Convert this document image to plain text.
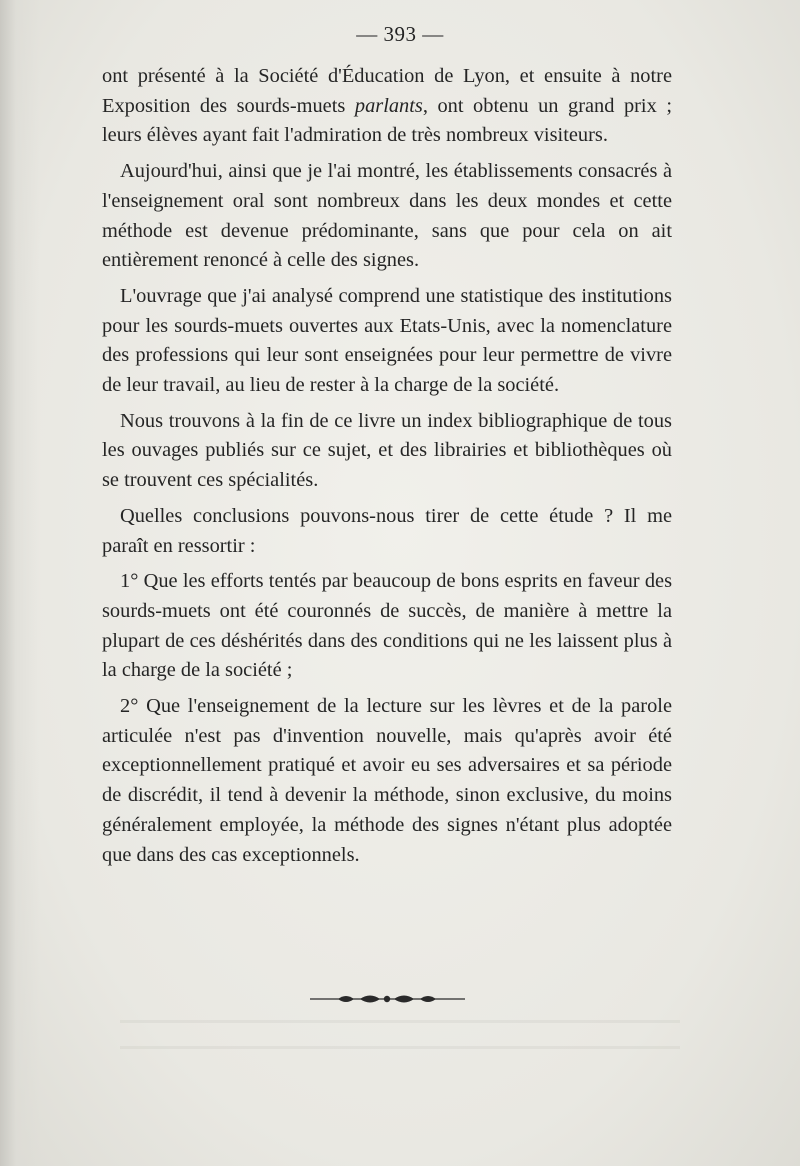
— 393 —

ont présenté à la Société d'Éducation de Lyon, et ensuite à notre Exposition des sourds-muets parlants, ont obtenu un grand prix ; leurs élèves ayant fait l'admiration de très nombreux visiteurs.

Aujourd'hui, ainsi que je l'ai montré, les établissements consacrés à l'enseignement oral sont nombreux dans les deux mondes et cette méthode est devenue prédominante, sans que pour cela on ait entièrement renoncé à celle des signes.

L'ouvrage que j'ai analysé comprend une statistique des institutions pour les sourds-muets ouvertes aux Etats-Unis, avec la nomenclature des professions qui leur sont enseignées pour leur permettre de vivre de leur travail, au lieu de rester à la charge de la société.

Nous trouvons à la fin de ce livre un index bibliographique de tous les ouvages publiés sur ce sujet, et des librairies et bibliothèques où se trouvent ces spécialités.

Quelles conclusions pouvons-nous tirer de cette étude ? Il me paraît en ressortir :

1° Que les efforts tentés par beaucoup de bons esprits en faveur des sourds-muets ont été couronnés de succès, de manière à mettre la plupart de ces déshérités dans des conditions qui ne les laissent plus à la charge de la société ;

2° Que l'enseignement de la lecture sur les lèvres et de la parole articulée n'est pas d'invention nouvelle, mais qu'après avoir été exceptionnellement pratiqué et avoir eu ses adversaires et sa période de discrédit, il tend à devenir la méthode, sinon exclusive, du moins généralement employée, la méthode des signes n'étant plus adoptée que dans des cas exceptionnels.
